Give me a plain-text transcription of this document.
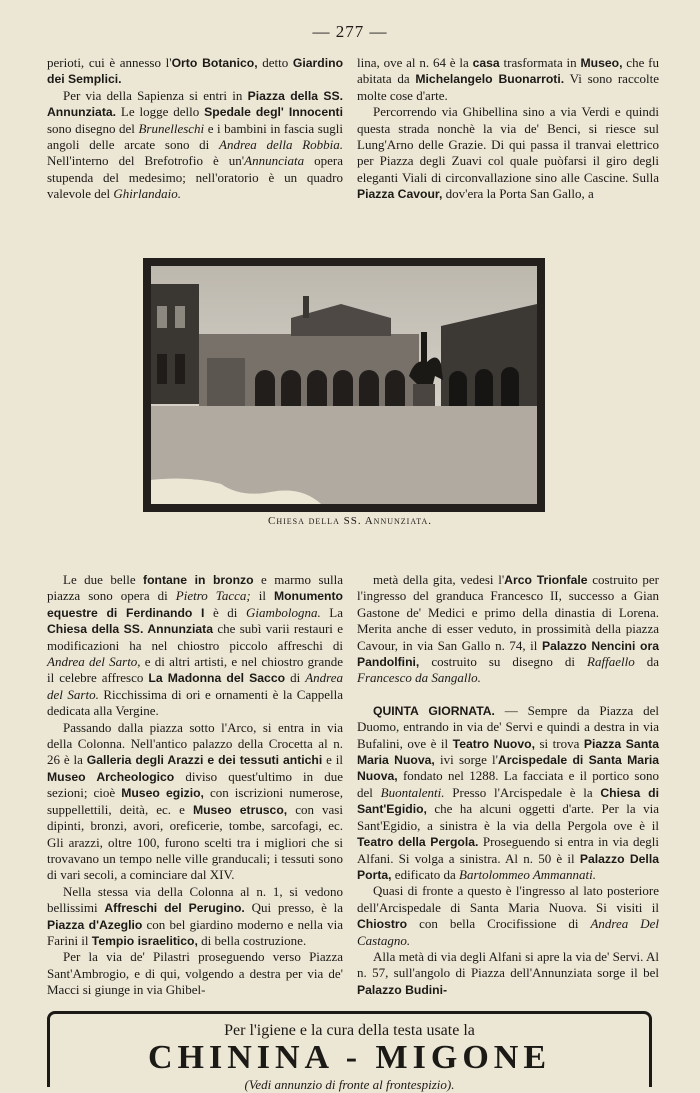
— 277 —

perioti, cui è annesso l'Orto Botanico, detto Giardino dei Semplici.

Per via della Sapienza si entri in Piazza della SS. Annunziata. Le logge dello Spedale degl' Innocenti sono disegno del Brunelleschi e i bambini in fascia sugli angoli delle arcate sono di Andrea della Robbia. Nell'interno del Brefotrofio è un'Annunciata opera stupenda del medesimo; nell'oratorio è un quadro valevole del Ghirlandaio.

lina, ove al n. 64 è la casa trasformata in Museo, che fu abitata da Michelangelo Buonarroti. Vi sono raccolte molte cose d'arte.

Percorrendo via Ghibellina sino a via Verdi e quindi questa strada nonchè la via de' Benci, si riesce sul Lung'Arno delle Grazie. Di qui passa il tranvai elettrico per Piazza degli Zuavi col quale puòfarsi il giro degli eleganti Viali di circonvallazione sino alle Cascine. Sulla Piazza Cavour, dov'era la Porta San Gallo, a

Chiesa della SS. Annunziata.

Le due belle fontane in bronzo e marmo sulla piazza sono opera di Pietro Tacca; il Monumento equestre di Ferdinando I è di Giambologna. La Chiesa della SS. Annunziata che subì varii restauri e modificazioni ha nel chiostro piccolo affreschi di Andrea del Sarto, e di altri artisti, e nel chiostro grande il celebre affresco La Madonna del Sacco di Andrea del Sarto. Ricchissima di ori e ornamenti è la Cappella dedicata alla Vergine.

Passando dalla piazza sotto l'Arco, si entra in via della Colonna. Nell'antico palazzo della Crocetta al n. 26 è la Galleria degli Arazzi e dei tessuti antichi e il Museo Archeologico diviso quest'ultimo in due sezioni; cioè Museo egizio, con iscrizioni numerose, suppellettili, deità, ec. e Museo etrusco, con vasi dipinti, bronzi, avori, oreficerie, tombe, sarcofagi, ec. Gli arazzi, oltre 100, furono scelti tra i migliori che si trovavano un tempo nelle ville granducali; i tessuti sono di vari secoli, a cominciare dal XIV.

Nella stessa via della Colonna al n. 1, si vedono bellissimi Affreschi del Perugino. Qui presso, è la Piazza d'Azeglio con bel giardino moderno e nella via Farini il Tempio israelitico, di bella costruzione.

Per la via de' Pilastri proseguendo verso Piazza Sant'Ambrogio, e di qui, volgendo a destra per via de' Macci si giunge in via Ghibel-

metà della gita, vedesi l'Arco Trionfale costruito per l'ingresso del granduca Francesco II, successo a Gian Gastone de' Medici e primo della dinastia di Lorena. Merita anche di esser veduto, in prossimità della piazza Cavour, in via San Gallo n. 74, il Palazzo Nencini ora Pandolfini, costruito su disegno di Raffaello da Francesco da Sangallo.

QUINTA GIORNATA. — Sempre da Piazza del Duomo, entrando in via de' Servi e quindi a destra in via Bufalini, ove è il Teatro Nuovo, si trova Piazza Santa Maria Nuova, ivi sorge l'Arcispedale di Santa Maria Nuova, fondato nel 1288. La facciata e il portico sono del Buontalenti. Presso l'Arcispedale è la Chiesa di Sant'Egidio, che ha alcuni oggetti d'arte. Per la via Sant'Egidio, a sinistra è la via della Pergola ove è il Teatro della Pergola. Proseguendo si entra in via degli Alfani. Si volga a sinistra. Al n. 50 è il Palazzo Della Porta, edificato da Bartolommeo Ammannati.

Quasi di fronte a questo è l'ingresso al lato posteriore dell'Arcispedale di Santa Maria Nuova. Si visiti il Chiostro con bella Crocifissione di Andrea Del Castagno.

Alla metà di via degli Alfani si apre la via de' Servi. Al n. 57, sull'angolo di Piazza dell'Annunziata sorge il bel Palazzo Budini-

Per l'igiene e la cura della testa usate la
CHININA - MIGONE
(Vedi annunzio di fronte al frontespizio).
